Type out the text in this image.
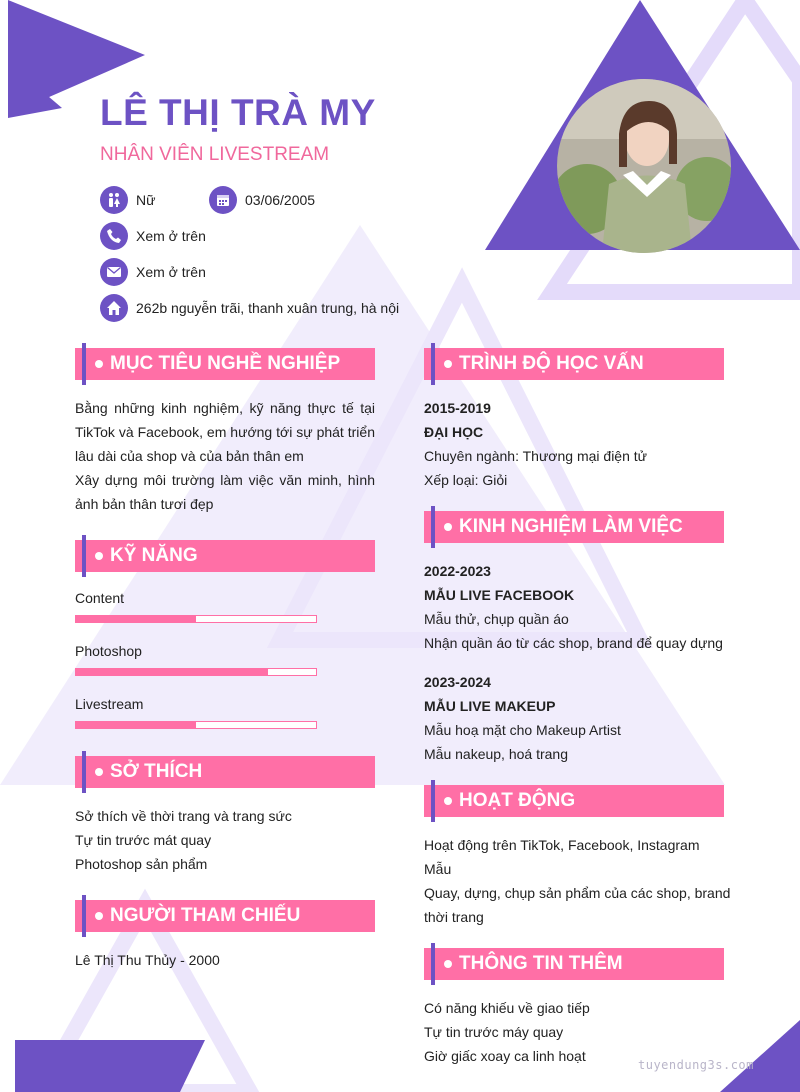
LÊ THỊ TRÀ MY

NHÂN VIÊN LIVESTREAM

Nữ	03/06/2005
Xem ở trên
Xem ở trên
262b nguyễn trãi, thanh xuân trung, hà nội
MỤC TIÊU NGHỀ NGHIỆP
Bằng những kinh nghiệm, kỹ năng thực tế tại TikTok và Facebook, em hướng tới sự phát triển lâu dài của shop và của bản thân em
Xây dựng môi trường làm việc văn minh, hình ảnh bản thân tươi đẹp
KỸ NĂNG
Content
Photoshop
Livestream
SỞ THÍCH
Sở thích về thời trang và trang sức
Tự tin trước mát quay
Photoshop sản phẩm
NGƯỜI THAM CHIẾU
Lê Thị Thu Thủy - 2000
TRÌNH ĐỘ HỌC VẤN
2015-2019
ĐẠI HỌC
Chuyên ngành: Thương mại điện tử
Xếp loại: Giỏi
KINH NGHIỆM LÀM VIỆC
2022-2023
MẪU LIVE FACEBOOK
Mẫu thử, chụp quần áo
Nhận quần áo từ các shop, brand để quay dựng
2023-2024
MẪU LIVE MAKEUP
Mẫu hoạ mặt cho Makeup Artist
Mẫu nakeup, hoá trang
HOẠT ĐỘNG
Hoạt động trên TikTok, Facebook, Instagram
Mẫu
Quay, dựng, chụp sản phẩm của các shop, brand thời trang
THÔNG TIN THÊM
Có năng khiếu về giao tiếp
Tự tin trước máy quay
Giờ giấc xoay ca linh hoạt
tuyendung3s.com
